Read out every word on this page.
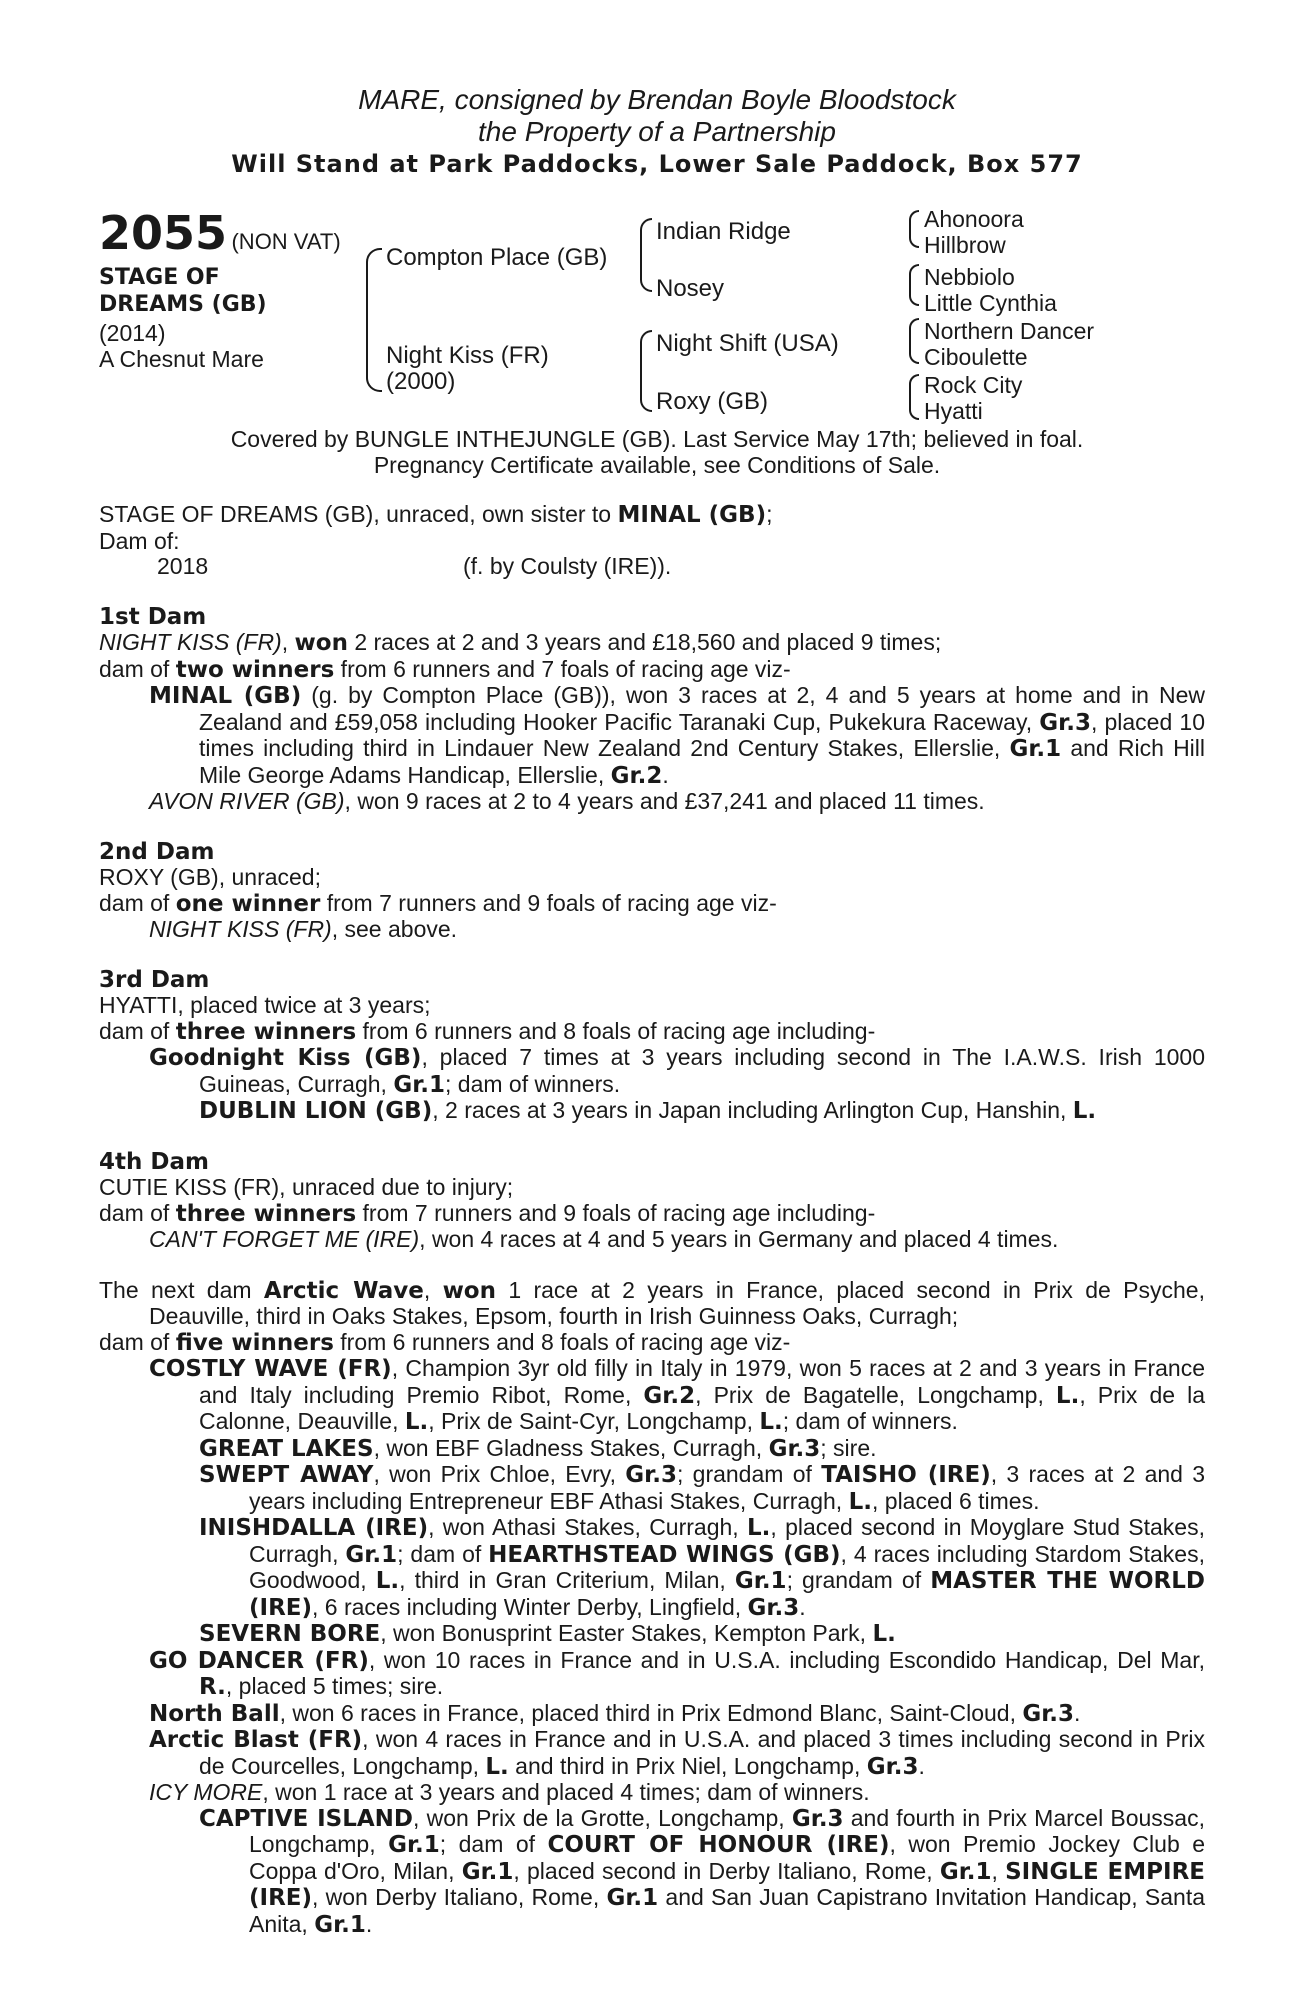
MARE, consigned by Brendan Boyle Bloodstock
the Property of a Partnership
Will Stand at Park Paddocks, Lower Sale Paddock, Box 577
2055 (NON VAT)
STAGE OF
DREAMS (GB)
(2014)
A Chesnut Mare
Compton Place (GB)
Night Kiss (FR)
(2000)
Indian Ridge
Nosey
Night Shift (USA)
Roxy (GB)
Ahonoora
Hillbrow
Nebbiolo
Little Cynthia
Northern Dancer
Ciboulette
Rock City
Hyatti
Covered by BUNGLE INTHEJUNGLE (GB). Last Service May 17th; believed in foal.
Pregnancy Certificate available, see Conditions of Sale.

STAGE OF DREAMS (GB), unraced, own sister to MINAL (GB);

Dam of:

2018	(f. by Coulsty (IRE)).

1st Dam

NIGHT KISS (FR), won 2 races at 2 and 3 years and £18,560 and placed 9 times;

dam of two winners from 6 runners and 7 foals of racing age viz-

MINAL (GB) (g. by Compton Place (GB)), won 3 races at 2, 4 and 5 years at home and in New Zealand and £59,058 including Hooker Pacific Taranaki Cup, Pukekura Raceway, Gr.3, placed 10 times including third in Lindauer New Zealand 2nd Century Stakes, Ellerslie, Gr.1 and Rich Hill Mile George Adams Handicap, Ellerslie, Gr.2.

AVON RIVER (GB), won 9 races at 2 to 4 years and £37,241 and placed 11 times.

2nd Dam

ROXY (GB), unraced;

dam of one winner from 7 runners and 9 foals of racing age viz-

NIGHT KISS (FR), see above.

3rd Dam

HYATTI, placed twice at 3 years;

dam of three winners from 6 runners and 8 foals of racing age including-

Goodnight Kiss (GB), placed 7 times at 3 years including second in The I.A.W.S. Irish 1000 Guineas, Curragh, Gr.1; dam of winners.

DUBLIN LION (GB), 2 races at 3 years in Japan including Arlington Cup, Hanshin, L.

4th Dam

CUTIE KISS (FR), unraced due to injury;

dam of three winners from 7 runners and 9 foals of racing age including-

CAN'T FORGET ME (IRE), won 4 races at 4 and 5 years in Germany and placed 4 times.

The next dam Arctic Wave, won 1 race at 2 years in France, placed second in Prix de Psyche, Deauville, third in Oaks Stakes, Epsom, fourth in Irish Guinness Oaks, Curragh;

dam of five winners from 6 runners and 8 foals of racing age viz-

COSTLY WAVE (FR), Champion 3yr old filly in Italy in 1979, won 5 races at 2 and 3 years in France and Italy including Premio Ribot, Rome, Gr.2, Prix de Bagatelle, Longchamp, L., Prix de la Calonne, Deauville, L., Prix de Saint-Cyr, Longchamp, L.; dam of winners.

GREAT LAKES, won EBF Gladness Stakes, Curragh, Gr.3; sire.

SWEPT AWAY, won Prix Chloe, Evry, Gr.3; grandam of TAISHO (IRE), 3 races at 2 and 3 years including Entrepreneur EBF Athasi Stakes, Curragh, L., placed 6 times.

INISHDALLA (IRE), won Athasi Stakes, Curragh, L., placed second in Moyglare Stud Stakes, Curragh, Gr.1; dam of HEARTHSTEAD WINGS (GB), 4 races including Stardom Stakes, Goodwood, L., third in Gran Criterium, Milan, Gr.1; grandam of MASTER THE WORLD (IRE), 6 races including Winter Derby, Lingfield, Gr.3.

SEVERN BORE, won Bonusprint Easter Stakes, Kempton Park, L.

GO DANCER (FR), won 10 races in France and in U.S.A. including Escondido Handicap, Del Mar, R., placed 5 times; sire.

North Ball, won 6 races in France, placed third in Prix Edmond Blanc, Saint-Cloud, Gr.3.

Arctic Blast (FR), won 4 races in France and in U.S.A. and placed 3 times including second in Prix de Courcelles, Longchamp, L. and third in Prix Niel, Longchamp, Gr.3.

ICY MORE, won 1 race at 3 years and placed 4 times; dam of winners.

CAPTIVE ISLAND, won Prix de la Grotte, Longchamp, Gr.3 and fourth in Prix Marcel Boussac, Longchamp, Gr.1; dam of COURT OF HONOUR (IRE), won Premio Jockey Club e Coppa d'Oro, Milan, Gr.1, placed second in Derby Italiano, Rome, Gr.1, SINGLE EMPIRE (IRE), won Derby Italiano, Rome, Gr.1 and San Juan Capistrano Invitation Handicap, Santa Anita, Gr.1.
